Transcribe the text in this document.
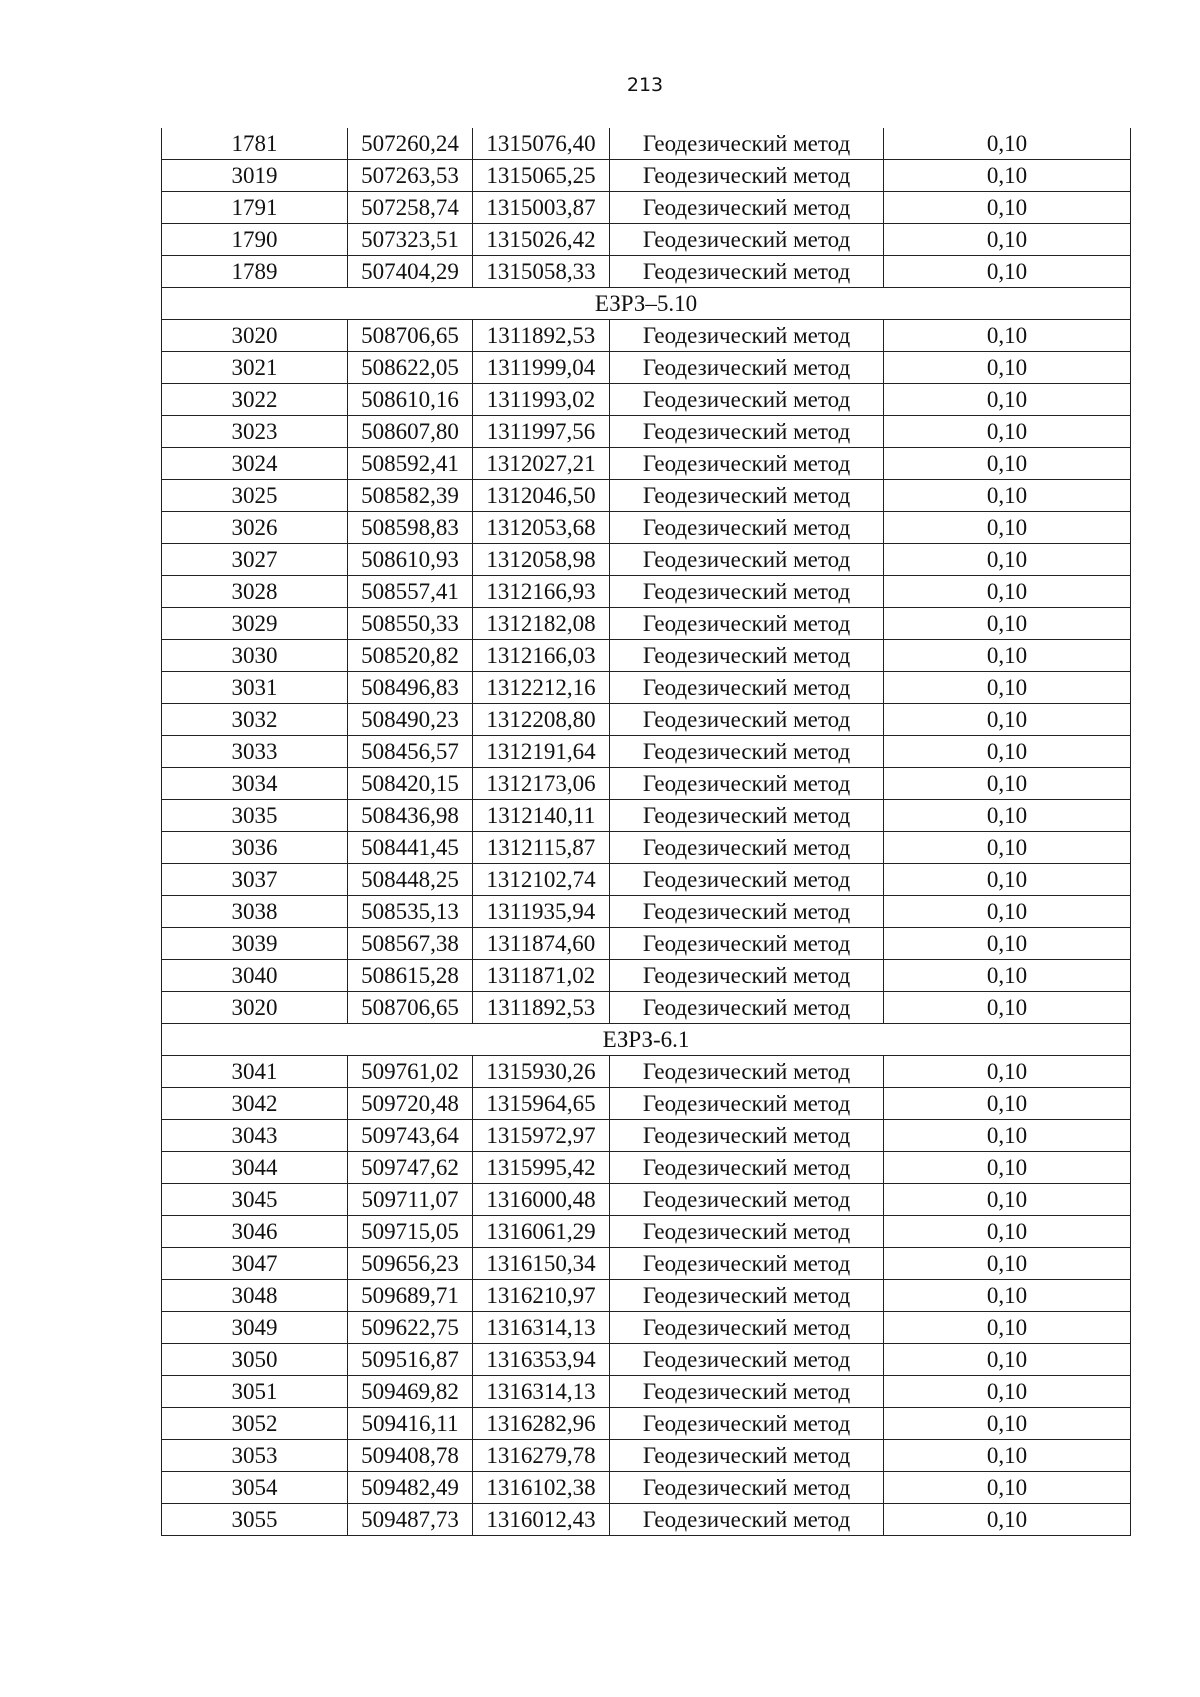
213
1781	507260,24	1315076,40	Геодезический метод	0,10
3019	507263,53	1315065,25	Геодезический метод	0,10
1791	507258,74	1315003,87	Геодезический метод	0,10
1790	507323,51	1315026,42	Геодезический метод	0,10
1789	507404,29	1315058,33	Геодезический метод	0,10
ЕЗРЗ–5.10				
3020	508706,65	1311892,53	Геодезический метод	0,10
3021	508622,05	1311999,04	Геодезический метод	0,10
3022	508610,16	1311993,02	Геодезический метод	0,10
3023	508607,80	1311997,56	Геодезический метод	0,10
3024	508592,41	1312027,21	Геодезический метод	0,10
3025	508582,39	1312046,50	Геодезический метод	0,10
3026	508598,83	1312053,68	Геодезический метод	0,10
3027	508610,93	1312058,98	Геодезический метод	0,10
3028	508557,41	1312166,93	Геодезический метод	0,10
3029	508550,33	1312182,08	Геодезический метод	0,10
3030	508520,82	1312166,03	Геодезический метод	0,10
3031	508496,83	1312212,16	Геодезический метод	0,10
3032	508490,23	1312208,80	Геодезический метод	0,10
3033	508456,57	1312191,64	Геодезический метод	0,10
3034	508420,15	1312173,06	Геодезический метод	0,10
3035	508436,98	1312140,11	Геодезический метод	0,10
3036	508441,45	1312115,87	Геодезический метод	0,10
3037	508448,25	1312102,74	Геодезический метод	0,10
3038	508535,13	1311935,94	Геодезический метод	0,10
3039	508567,38	1311874,60	Геодезический метод	0,10
3040	508615,28	1311871,02	Геодезический метод	0,10
3020	508706,65	1311892,53	Геодезический метод	0,10
ЕЗРЗ-6.1				
3041	509761,02	1315930,26	Геодезический метод	0,10
3042	509720,48	1315964,65	Геодезический метод	0,10
3043	509743,64	1315972,97	Геодезический метод	0,10
3044	509747,62	1315995,42	Геодезический метод	0,10
3045	509711,07	1316000,48	Геодезический метод	0,10
3046	509715,05	1316061,29	Геодезический метод	0,10
3047	509656,23	1316150,34	Геодезический метод	0,10
3048	509689,71	1316210,97	Геодезический метод	0,10
3049	509622,75	1316314,13	Геодезический метод	0,10
3050	509516,87	1316353,94	Геодезический метод	0,10
3051	509469,82	1316314,13	Геодезический метод	0,10
3052	509416,11	1316282,96	Геодезический метод	0,10
3053	509408,78	1316279,78	Геодезический метод	0,10
3054	509482,49	1316102,38	Геодезический метод	0,10
3055	509487,73	1316012,43	Геодезический метод	0,10
